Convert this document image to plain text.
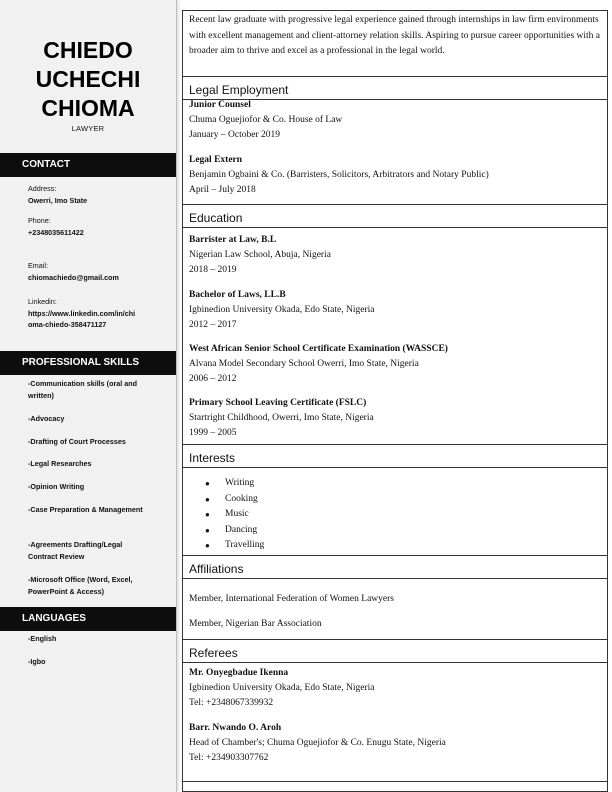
CHIEDO
UCHECHI
CHIOMA
LAWYER
CONTACT

Address:

Owerri, Imo State

Phone:

+2348035611422

Email:

chiomachiedo@gmail.com

Linkedin:

https://www.linkedin.com/in/chi

oma-chiedo-358471127

PROFESSIONAL SKILLS
-Communication skills (oral and written)
-Advocacy
-Drafting of Court Processes
-Legal Researches
-Opinion Writing
-Case Preparation & Management
-Agreements Drafting/Legal Contract Review
-Microsoft Office (Word, Excel, PowerPoint & Access)
LANGUAGES
-English
-Igbo
Recent law graduate with progressive legal experience gained through internships in law firm environments with excellent management and client-attorney relation skills. Aspiring to pursue career opportunities with a broader aim to thrive and excel as a professional in the legal world.
Legal Employment
Junior Counsel
Chuma Oguejiofor & Co. House of Law
January – October 2019
Legal Extern
Benjamin Ogbaini & Co. (Barristers, Solicitors, Arbitrators and Notary Public)
April – July 2018
Education
Barrister at Law, B.L
Nigerian Law School, Abuja, Nigeria
2018 – 2019
Bachelor of Laws, LL.B
Igbinedion University Okada, Edo State, Nigeria
2012 – 2017
West African Senior School Certificate Examination (WASSCE)
Alvana Model Secondary School Owerri, Imo State, Nigeria
2006 – 2012
Primary School Leaving Certificate (FSLC)
Startright Childhood, Owerri, Imo State, Nigeria
1999 – 2005
Interests
● Writing
● Cooking
● Music
● Dancing
● Travelling
Affiliations
Member, International Federation of Women Lawyers
Member, Nigerian Bar Association
Referees
Mr. Onyegbadue Ikenna
Igbinedion University Okada, Edo State, Nigeria
Tel: +2348067339932
Barr. Nwando O. Aroh
Head of Chamber's; Chuma Oguejiofor & Co. Enugu State, Nigeria
Tel: +234903307762
